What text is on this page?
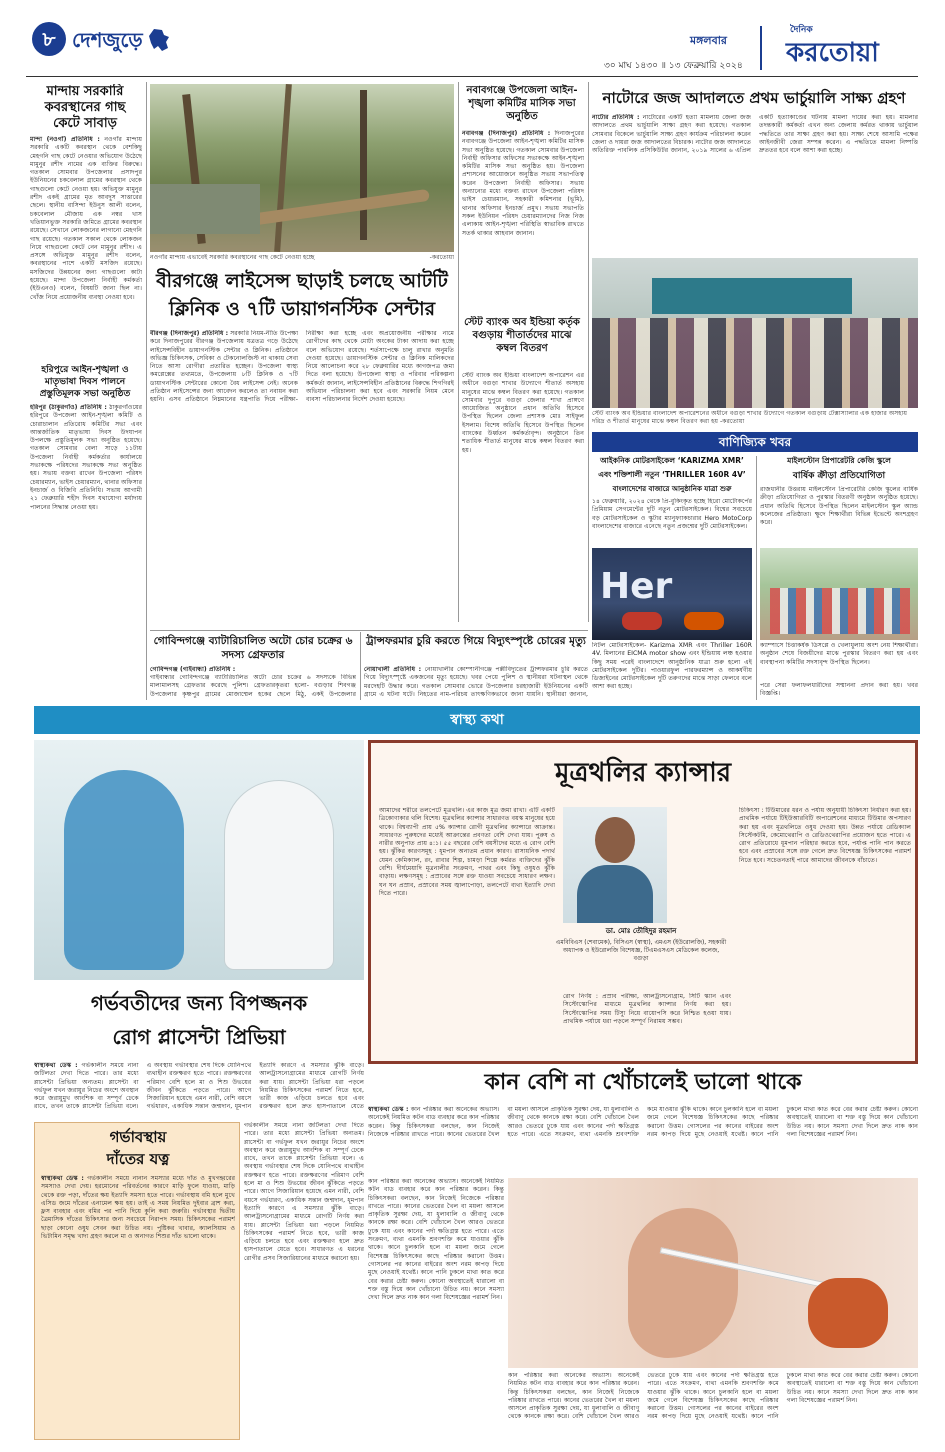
৮ দেশজুড়ে	মঙ্গলবার
৩০ মাঘ ১৪৩০ ॥ ১৩ ফেব্রুয়ারি ২০২৪
দৈনিক
করতোয়া
মান্দায় সরকারি কবরস্থানের গাছ কেটে সাবাড়
মান্দা (নওগাঁ) প্রতিনিধি : নওগাঁর মান্দায় সরকারি একটি কবরস্থান থেকে বেশকিছু মেহগনি গাছ কেটে নেওয়ার অভিযোগ উঠেছে মামুনুর রশীদ নামের এক ব্যক্তির বিরুদ্ধে। গতকাল সোমবার উপজেলার প্রসাদপুর ইউনিয়নের চকবেলাল গ্রামের কবরস্থান থেকে গাছগুলো কেটে নেওয়া হয়। অভিযুক্ত মামুনুর রশীদ একই গ্রামের মৃত আবদুস সাত্তারের ছেলে। স্থানীয় বাসিন্দা ইউনুস আলী বলেন, চকবেলাল মৌজায় এক নম্বর খাস খতিয়ানভুক্ত সরকারি জমিতে গ্রামের কবরস্থান রয়েছে। সেখানে লোকজনের লাগানো মেহগনি গাছ রয়েছে। গতকাল সকাল থেকে লোকজন নিয়ে গাছগুলো কেটে নেন মামুনুর রশীদ। এ প্রসঙ্গে অভিযুক্ত মামুনুর রশীদ বলেন, কবরস্থানের পাশে একটি মসজিদ রয়েছে। মসজিদের উন্নয়নের জন্য গাছগুলো কাটা হয়েছে। মান্দা উপজেলা নির্বাহী কর্মকর্তা (ইউএনও) বলেন, বিষয়টি জানা ছিল না। খোঁজ নিয়ে প্রয়োজনীয় ব্যবস্থা নেওয়া হবে।
হরিপুরে আইন-শৃঙ্খলা ও মাতৃভাষা দিবস পালনে প্রস্তুতিমূলক সভা অনুষ্ঠিত
হরিপুর (ঠাকুরগাঁও) প্রতিনিধি : ঠাকুরগাঁওয়ের হরিপুরে উপজেলা আইন-শৃঙ্খলা কমিটি ও চোরাচালান প্রতিরোধ কমিটির সভা এবং আন্তর্জাতিক মাতৃভাষা দিবস উদযাপন উপলক্ষে প্রস্তুতিমূলক সভা অনুষ্ঠিত হয়েছে। গতকাল সোমবার বেলা সাড়ে ১১টায় উপজেলা নির্বাহী কর্মকর্তার কার্যালয়ে সভাকক্ষে পরিষদের সভাকক্ষে সভা অনুষ্ঠিত হয়। সভায় বক্তব্য রাখেন উপজেলা পরিষদ চেয়ারম্যান, ভাইস চেয়ারম্যান, থানার অফিসার ইনচার্জ ও বিজিবি প্রতিনিধি। সভায় আগামী ২১ ফেব্রুয়ারি শহীদ দিবস যথাযোগ্য মর্যাদায় পালনের সিদ্ধান্ত নেওয়া হয়।
নওগাঁর মান্দায় এভাবেই সরকারি কবরস্থানের গাছ কেটে নেওয়া হচ্ছে	-করতোয়া
বীরগঞ্জে লাইসেন্স ছাড়াই চলছে আটটি
ক্লিনিক ও ৭টি ডায়াগনস্টিক সেন্টার
বীরগঞ্জ (দিনাজপুর) প্রতিনিধি : সরকারি নিয়ম-নীতি উপেক্ষা করে দিনাজপুরের বীরগঞ্জ উপজেলায় যত্রতত্র গড়ে উঠেছে লাইসেন্সবিহীন ডায়াগনস্টিক সেন্টার ও ক্লিনিক। প্রতিষ্ঠানে অভিজ্ঞ চিকিৎসক, সেবিকা ও টেকনোলজিস্ট না থাকায় সেবা নিতে আসা রোগীরা প্রতারিত হচ্ছেন। উপজেলা স্বাস্থ্য কমপ্লেক্সের তথ্যমতে, উপজেলায় ৮টি ক্লিনিক ও ৭টি ডায়াগনস্টিক সেন্টারের কোনো বৈধ লাইসেন্স নেই। অনেক প্রতিষ্ঠান লাইসেন্সের জন্য আবেদন করলেও তা নবায়ন করা হয়নি। এসব প্রতিষ্ঠানে নিম্নমানের যন্ত্রপাতি দিয়ে পরীক্ষা-নিরীক্ষা করা হচ্ছে এবং অপ্রয়োজনীয় পরীক্ষার নামে রোগীদের কাছ থেকে মোটা অংকের টাকা আদায় করা হচ্ছে বলে অভিযোগ রয়েছে। শর্তসাপেক্ষে চালু রাখার অনুমতি দেওয়া হয়েছে। ডায়াগনস্টিক সেন্টার ও ক্লিনিক মালিকদের নিয়ে আলোচনা করে ২৮ ফেব্রুয়ারির মধ্যে কাগজপত্র জমা দিতে বলা হয়েছে। উপজেলা স্বাস্থ্য ও পরিবার পরিকল্পনা কর্মকর্তা জানান, লাইসেন্সবিহীন প্রতিষ্ঠানের বিরুদ্ধে শিগগিরই অভিযান পরিচালনা করা হবে এবং সরকারি নিয়ম মেনে ব্যবসা পরিচালনার নির্দেশ দেওয়া হয়েছে।
নবাবগঞ্জে উপজেলা আইন-শৃঙ্খলা কমিটির মাসিক সভা অনুষ্ঠিত
নবাবগঞ্জ (দিনাজপুর) প্রতিনিধি : দিনাজপুরের নবাবগঞ্জে উপজেলা আইন-শৃঙ্খলা কমিটির মাসিক সভা অনুষ্ঠিত হয়েছে। গতকাল সোমবার উপজেলা নির্বাহী অফিসার অফিসের সভাকক্ষে আইন-শৃঙ্খলা কমিটির মাসিক সভা অনুষ্ঠিত হয়। উপজেলা প্রশাসনের আয়োজনে অনুষ্ঠিত সভায় সভাপতিত্ব করেন উপজেলা নির্বাহী অফিসার। সভায় অন্যান্যের মধ্যে বক্তব্য রাখেন উপজেলা পরিষদ ভাইস চেয়ারম্যান, সহকারী কমিশনার (ভূমি), থানার অফিসার ইনচার্জ প্রমুখ। সভায় সভাপতি সকল ইউনিয়ন পরিষদ চেয়ারম্যানদের নিজ নিজ এলাকায় আইন-শৃঙ্খলা পরিস্থিতি স্বাভাবিক রাখতে সতর্ক থাকার আহবান জানান।
স্টেট ব্যাংক অব ইন্ডিয়া কর্তৃক বগুড়ায় শীতার্তদের মাঝে কম্বল বিতরণ
স্টেট ব্যাংক অব ইন্ডিয়া বাংলাদেশ অপারেশন এর অধীনে বগুড়া শাখার উদ্যোগে শীতার্ত অসহায় মানুষের মাঝে কম্বল বিতরণ করা হয়েছে। গতকাল সোমবার দুপুরে বগুড়া জেলার শাখা প্রাঙ্গণে আয়োজিত অনুষ্ঠানে প্রধান অতিথি হিসেবে উপস্থিত ছিলেন জেলা প্রশাসক মোঃ সাইফুল ইসলাম। বিশেষ অতিথি হিসেবে উপস্থিত ছিলেন ব্যাংকের উর্ধ্বতন কর্মকর্তাবৃন্দ। অনুষ্ঠানে তিন শতাধিক শীতার্ত মানুষের মাঝে কম্বল বিতরণ করা হয়।
নাটোরে জজ আদালতে প্রথম ভার্চুয়ালি সাক্ষ্য গ্রহণ
নাটোর প্রতিনিধি : নাটোরের একটি হত্যা মামলায় জেলা জজ আদালতে প্রথম ভার্চুয়ালি সাক্ষ্য গ্রহণ করা হয়েছে। গতকাল সোমবার বিকেলে ভার্চুয়ালি সাক্ষ্য গ্রহণ কার্যক্রম পরিচালনা করেন জেলা ও দায়রা জজ আদালতের বিচারক। নাটোর জজ আদালতে অতিরিক্ত পাবলিক প্রসিকিউটর জানান, ২০১৯ সালের ৬ এপ্রিল একটি হত্যাকাণ্ডের ঘটনায় মামলা দায়ের করা হয়। মামলার তদন্তকারী কর্মকর্তা এখন অন্য জেলায় কর্মরত থাকায় ভার্চুয়াল পদ্ধতিতে তার সাক্ষ্য গ্রহণ করা হয়। সাক্ষ্য শেষে আসামি পক্ষের আইনজীবী জেরা সম্পন্ন করেন। এ পদ্ধতিতে মামলা নিষ্পত্তি দ্রুততর হবে বলে আশা করা হচ্ছে।
স্টেট ব্যাংক অব ইন্ডিয়ার বাংলাদেশ অপারেশনের অধীনে বগুড়া শাখার উদ্যোগে গতকাল বগুড়ায় টেক্সাস্যালার এক হাজার অসহায় দরিদ্র ও শীতার্ত মানুষের মাঝে কম্বল বিতরণ করা হয় -করতোয়া
বাণিজ্যিক খবর
গোবিন্দগঞ্জে ব্যাটারিচালিত অটো চোর চক্রের ৬ সদস্য গ্রেফতার
গোবিন্দগঞ্জ (গাইবান্ধা) প্রতিনিধি :
গাইবান্ধার গোবিন্দগঞ্জে ব্যাটারিচালিত অটো চোর চক্রের ৬ সদস্যকে বিভিন্ন মালামালসহ গ্রেফতার করেছে পুলিশ। গ্রেফতারকৃতরা হলো- বগুড়ার শিবগঞ্জ উপজেলার কৃষ্ণপুর গ্রামের মোজাম্মেল হকের ছেলে মিঠু, একই উপজেলার
ট্রান্সফরমার চুরি করতে গিয়ে বিদ্যুৎস্পৃষ্টে চোরের মৃত্যু
নোয়াখালী প্রতিনিধি : নোয়াখালীর কোম্পানীগঞ্জে পল্লীবিদ্যুতের ট্রান্সফরমার চুরি করতে গিয়ে বিদ্যুৎস্পৃষ্টে একজনের মৃত্যু হয়েছে। খবর পেয়ে পুলিশ ও স্থানীয়রা ঘটনাস্থল থেকে মরদেহটি উদ্ধার করে। গতকাল সোমবার ভোরে উপজেলার চরহাজারী ইউনিয়নের একটি গ্রামে এ ঘটনা ঘটে। নিহতের নাম-পরিচয় তাৎক্ষণিকভাবে জানা যায়নি। স্থানীয়রা জানান,
আইকনিক মোটরসাইকেল ‘KARIZMA XMR’
এবং শক্তিশালী নতুন ‘THRILLER 160R 4V’
বাংলাদেশের বাজারে আনুষ্ঠানিক যাত্রা শুরু
১৪ ফেব্রুয়ারি, ২০২৪ থেকে প্রি-বুকিংকৃত হচ্ছে হিরো মোটোকর্পের প্রিমিয়াম সেগমেন্টের দুটি নতুন মোটরসাইকেল। বিশ্বের সবচেয়ে বড় মোটরসাইকেল ও স্কুটার ম্যানুফ্যাকচারার Hero MotoCorp বাংলাদেশের বাজারে এনেছে নতুন প্রজন্মের দুটি মোটরসাইকেল।
Her
নিটল মোটরসাইকেল- Karizma XMR এবং Thriller 160R 4V. মিলানের EICMA motor show এবং ইন্ডিয়ায় লঞ্চ হওয়ার কিছু সময় পরেই বাংলাদেশে আনুষ্ঠানিক যাত্রা শুরু হলো এই মোটরসাইকেল দুটির। পাওয়ারফুল পারফরম্যান্স ও আকর্ষণীয় ডিজাইনের মোটরসাইকেল দুটি তরুণদের মাঝে সাড়া ফেলবে বলে আশা করা হচ্ছে।
মাইলস্টোন প্রিপারেটরি কেজি স্কুলে
বার্ষিক ক্রীড়া প্রতিযোগিতা
রাজধানীর উত্তরায় মাইলস্টোন প্রিপারেটরি কেজি স্কুলের বার্ষিক ক্রীড়া প্রতিযোগিতা ও পুরস্কার বিতরণী অনুষ্ঠান অনুষ্ঠিত হয়েছে। প্রধান অতিথি হিসেবে উপস্থিত ছিলেন মাইলস্টোন স্কুল অ্যান্ড কলেজের প্রতিষ্ঠাতা। ক্ষুদে শিক্ষার্থীরা বিভিন্ন ইভেন্টে অংশগ্রহণ করে।
ক্যাম্পাসে চিত্তাকর্ষক ডিসপ্লে ও খেলাধুলায় অংশ নেয় শিক্ষার্থীরা। অনুষ্ঠান শেষে বিজয়ীদের মাঝে পুরস্কার বিতরণ করা হয় এবং ব্যবস্থাপনা কমিটির সদস্যবৃন্দ উপস্থিত ছিলেন।
পরে সেরা ফলাফলধারীদের সম্মাননা প্রদান করা হয়। খবর বিজ্ঞপ্তি।
স্বাস্থ্য কথা
গর্ভবতীদের জন্য বিপজ্জনক
রোগ প্লাসেন্টা প্রিভিয়া
স্বাস্থ্যকথা ডেস্ক : গর্ভকালীন সময়ে নানা জটিলতা দেখা দিতে পারে। তার মধ্যে প্লাসেন্টা প্রিভিয়া অন্যতম। প্লাসেন্টা বা গর্ভফুল যখন জরায়ুর নিচের অংশে অবস্থান করে জরায়ুমুখ আংশিক বা সম্পূর্ণ ঢেকে রাখে, তখন তাকে প্লাসেন্টা প্রিভিয়া বলে। এ অবস্থায় গর্ভাবস্থার শেষ দিকে যোনিপথে ব্যথাহীন রক্তক্ষরণ হতে পারে। রক্তক্ষরণের পরিমাণ বেশি হলে মা ও শিশু উভয়ের জীবন ঝুঁকিতে পড়তে পারে। আগে সিজারিয়ান হয়েছে এমন নারী, বেশি বয়সে গর্ভধারণ, একাধিক সন্তান জন্মদান, ধূমপান ইত্যাদি কারণে এ সমস্যার ঝুঁকি বাড়ে। আলট্রাসনোগ্রামের মাধ্যমে রোগটি নির্ণয় করা যায়। প্লাসেন্টা প্রিভিয়া ধরা পড়লে নিয়মিত চিকিৎসকের পরামর্শ নিতে হবে, ভারী কাজ এড়িয়ে চলতে হবে এবং রক্তক্ষরণ হলে দ্রুত হাসপাতালে যেতে
গর্ভাবস্থায়
দাঁতের যত্ন
স্বাস্থ্যকথা ডেস্ক : গর্ভকালীন সময়ে নানান সমস্যার মধ্যে দাঁত ও মুখগহ্বরের সমস্যাও দেখা দেয়। হরমোনের পরিবর্তনের কারণে মাড়ি ফুলে যাওয়া, মাড়ি থেকে রক্ত পড়া, দাঁতের ক্ষয় ইত্যাদি সমস্যা হতে পারে। গর্ভাবস্থায় বমি হলে মুখে এসিড জমে দাঁতের এনামেল ক্ষয় হয়। তাই এ সময় নিয়মিত দুইবার ব্রাশ করা, ফ্লস ব্যবহার এবং বমির পর পানি দিয়ে কুলি করা জরুরি। গর্ভাবস্থার দ্বিতীয় ত্রৈমাসিক দাঁতের চিকিৎসার জন্য সবচেয়ে নিরাপদ সময়। চিকিৎসকের পরামর্শ ছাড়া কোনো ওষুধ সেবন করা উচিত নয়। পুষ্টিকর খাবার, ক্যালসিয়াম ও ভিটামিন সমৃদ্ধ খাদ্য গ্রহণ করলে মা ও অনাগত শিশুর দাঁত ভালো থাকে।
গর্ভকালীন সময়ে নানা জটিলতা দেখা দিতে পারে। তার মধ্যে প্লাসেন্টা প্রিভিয়া অন্যতম। প্লাসেন্টা বা গর্ভফুল যখন জরায়ুর নিচের অংশে অবস্থান করে জরায়ুমুখ আংশিক বা সম্পূর্ণ ঢেকে রাখে, তখন তাকে প্লাসেন্টা প্রিভিয়া বলে। এ অবস্থায় গর্ভাবস্থার শেষ দিকে যোনিপথে ব্যথাহীন রক্তক্ষরণ হতে পারে। রক্তক্ষরণের পরিমাণ বেশি হলে মা ও শিশু উভয়ের জীবন ঝুঁকিতে পড়তে পারে। আগে সিজারিয়ান হয়েছে এমন নারী, বেশি বয়সে গর্ভধারণ, একাধিক সন্তান জন্মদান, ধূমপান ইত্যাদি কারণে এ সমস্যার ঝুঁকি বাড়ে। আলট্রাসনোগ্রামের মাধ্যমে রোগটি নির্ণয় করা যায়। প্লাসেন্টা প্রিভিয়া ধরা পড়লে নিয়মিত চিকিৎসকের পরামর্শ নিতে হবে, ভারী কাজ এড়িয়ে চলতে হবে এবং রক্তক্ষরণ হলে দ্রুত হাসপাতালে যেতে হবে। সাধারণত এ ধরনের রোগীর প্রসব সিজারিয়ানের মাধ্যমে করানো হয়।
মূত্রথলির ক্যান্সার
আমাদের শরীরে তলপেটে মূত্রথলি। এর কাজ মূত্র জমা রাখা। এটি একটি ত্রিকোণাকার থলি বিশেষ। মূত্রথলির ক্যান্সার সাধারণত বয়স্ক মানুষের হয়ে থাকে। বিশ্বব্যাপী প্রায় ৫% ক্যান্সার রোগী মূত্রথলির ক্যান্সারে আক্রান্ত। সাধারণত পুরুষদের মধ্যেই আক্রান্তের প্রবণতা বেশি দেখা যায়। পুরুষ ও নারীর অনুপাত প্রায় ৪:১। ৫৫ বছরের বেশি বয়সীদের মধ্যে এ রোগ বেশি হয়। ঝুঁকির কারণসমূহ : ধূমপান অন্যতম প্রধান কারণ। রাসায়নিক পদার্থ যেমন কেমিক্যাল, রং, রাবার শিল্প, চামড়া শিল্পে কর্মরত ব্যক্তিদের ঝুঁকি বেশি। দীর্ঘমেয়াদি মূত্রনালীর সংক্রমণ, পাথর এবং কিছু ওষুধও ঝুঁকি বাড়ায়। লক্ষণসমূহ : প্রস্রাবের সঙ্গে রক্ত যাওয়া সবচেয়ে সাধারণ লক্ষণ। ঘন ঘন প্রস্রাব, প্রস্রাবের সময় জ্বালাপোড়া, তলপেটে ব্যথা ইত্যাদি দেখা দিতে পারে।
ডা. মোঃ তৌহিদুর রহমান
এমবিবিএস (শেবামেক), বিসিএস (স্বাস্থ্য), এমএস (ইউরোলজি), সহকারী অধ্যাপক ও ইউরোলজি বিশেষজ্ঞ, টিএমএসএস মেডিকেল কলেজ, বগুড়া
রোগ নির্ণয় : প্রস্রাব পরীক্ষা, আলট্রাসনোগ্রাম, সিটি স্ক্যান এবং সিস্টোস্কোপির মাধ্যমে মূত্রথলির ক্যান্সার নির্ণয় করা হয়। সিস্টোস্কোপির সময় টিস্যু নিয়ে বায়োপসি করে নিশ্চিত হওয়া যায়। প্রাথমিক পর্যায়ে ধরা পড়লে সম্পূর্ণ নিরাময় সম্ভব।
চিকিৎসা : টিউমারের ধরন ও পর্যায় অনুযায়ী চিকিৎসা নির্ধারণ করা হয়। প্রাথমিক পর্যায়ে টিইউআরবিটি অপারেশনের মাধ্যমে টিউমার অপসারণ করা হয় এবং মূত্রথলিতে ওষুধ দেওয়া হয়। উন্নত পর্যায়ে রেডিক্যাল সিস্টেকটমি, কেমোথেরাপি ও রেডিওথেরাপির প্রয়োজন হতে পারে। এ রোগ প্রতিরোধে ধূমপান পরিহার করতে হবে, পর্যাপ্ত পানি পান করতে হবে এবং প্রস্রাবের সঙ্গে রক্ত গেলে দ্রুত বিশেষজ্ঞ চিকিৎসকের পরামর্শ নিতে হবে। সচেতনতাই পারে আমাদের জীবনকে বাঁচাতে।
কান বেশি না খোঁচালেই ভালো থাকে
স্বাস্থ্যকথা ডেস্ক : কান পরিষ্কার করা অনেকের অভ্যাস। অনেকেই নিয়মিত কটন বাড ব্যবহার করে কান পরিষ্কার করেন। কিন্তু চিকিৎসকরা বলছেন, কান নিজেই নিজেকে পরিষ্কার রাখতে পারে। কানের ভেতরের খৈল বা ময়লা আসলে প্রাকৃতিক সুরক্ষা দেয়, যা ধুলাবালি ও জীবাণু থেকে কানকে রক্ষা করে। বেশি খোঁচালে খৈল আরও ভেতরে ঢুকে যায় এবং কানের পর্দা ক্ষতিগ্রস্ত হতে পারে। এতে সংক্রমণ, ব্যথা এমনকি শ্রবণশক্তি কমে যাওয়ার ঝুঁকি থাকে। কানে চুলকানি হলে বা ময়লা জমে গেলে বিশেষজ্ঞ চিকিৎসকের কাছে পরিষ্কার করানো উত্তম। গোসলের পর কানের বাইরের অংশ নরম কাপড় দিয়ে মুছে নেওয়াই যথেষ্ট। কানে পানি ঢুকলে মাথা কাত করে বের করার চেষ্টা করুন। কোনো অবস্থাতেই ধারালো বা শক্ত বস্তু দিয়ে কান খোঁচানো উচিত নয়। কানে সমস্যা দেখা দিলে দ্রুত নাক কান গলা বিশেষজ্ঞের পরামর্শ নিন।
কান পরিষ্কার করা অনেকের অভ্যাস। অনেকেই নিয়মিত কটন বাড ব্যবহার করে কান পরিষ্কার করেন। কিন্তু চিকিৎসকরা বলছেন, কান নিজেই নিজেকে পরিষ্কার রাখতে পারে। কানের ভেতরের খৈল বা ময়লা আসলে প্রাকৃতিক সুরক্ষা দেয়, যা ধুলাবালি ও জীবাণু থেকে কানকে রক্ষা করে। বেশি খোঁচালে খৈল আরও ভেতরে ঢুকে যায় এবং কানের পর্দা ক্ষতিগ্রস্ত হতে পারে। এতে সংক্রমণ, ব্যথা এমনকি শ্রবণশক্তি কমে যাওয়ার ঝুঁকি থাকে। কানে চুলকানি হলে বা ময়লা জমে গেলে বিশেষজ্ঞ চিকিৎসকের কাছে পরিষ্কার করানো উত্তম। গোসলের পর কানের বাইরের অংশ নরম কাপড় দিয়ে মুছে নেওয়াই যথেষ্ট। কানে পানি ঢুকলে মাথা কাত করে বের করার চেষ্টা করুন। কোনো অবস্থাতেই ধারালো বা শক্ত বস্তু দিয়ে কান খোঁচানো উচিত নয়। কানে সমস্যা দেখা দিলে দ্রুত নাক কান গলা বিশেষজ্ঞের পরামর্শ নিন।
কান পরিষ্কার করা অনেকের অভ্যাস। অনেকেই নিয়মিত কটন বাড ব্যবহার করে কান পরিষ্কার করেন। কিন্তু চিকিৎসকরা বলছেন, কান নিজেই নিজেকে পরিষ্কার রাখতে পারে। কানের ভেতরের খৈল বা ময়লা আসলে প্রাকৃতিক সুরক্ষা দেয়, যা ধুলাবালি ও জীবাণু থেকে কানকে রক্ষা করে। বেশি খোঁচালে খৈল আরও ভেতরে ঢুকে যায় এবং কানের পর্দা ক্ষতিগ্রস্ত হতে পারে। এতে সংক্রমণ, ব্যথা এমনকি শ্রবণশক্তি কমে যাওয়ার ঝুঁকি থাকে। কানে চুলকানি হলে বা ময়লা জমে গেলে বিশেষজ্ঞ চিকিৎসকের কাছে পরিষ্কার করানো উত্তম। গোসলের পর কানের বাইরের অংশ নরম কাপড় দিয়ে মুছে নেওয়াই যথেষ্ট। কানে পানি ঢুকলে মাথা কাত করে বের করার চেষ্টা করুন। কোনো অবস্থাতেই ধারালো বা শক্ত বস্তু দিয়ে কান খোঁচানো উচিত নয়। কানে সমস্যা দেখা দিলে দ্রুত নাক কান গলা বিশেষজ্ঞের পরামর্শ নিন।
